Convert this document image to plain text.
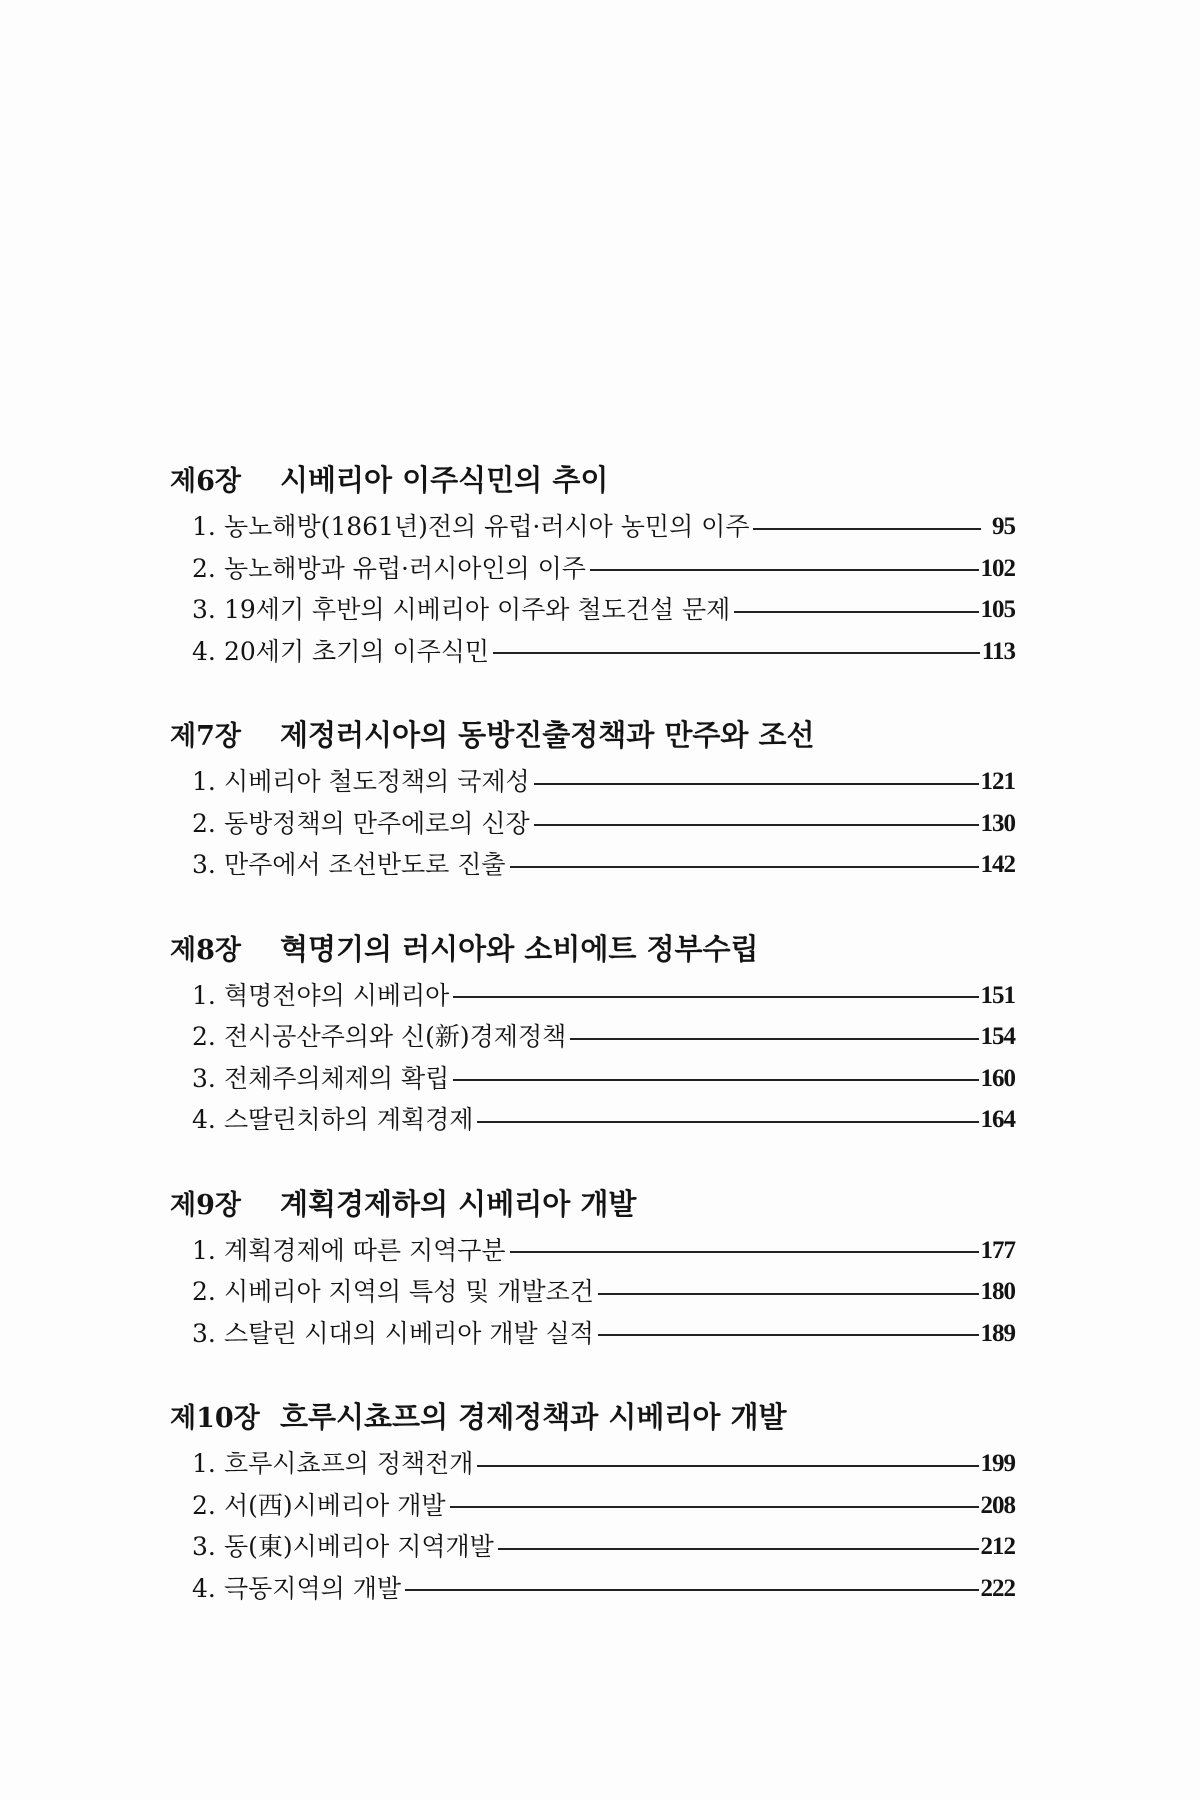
제6장	시베리아 이주식민의 추이
1. 농노해방(1861년)전의 유럽·러시아 농민의 이주	95
2. 농노해방과 유럽·러시아인의 이주	102
3. 19세기 후반의 시베리아 이주와 철도건설 문제	105
4. 20세기 초기의 이주식민	113
제7장	제정러시아의 동방진출정책과 만주와 조선
1. 시베리아 철도정책의 국제성	121
2. 동방정책의 만주에로의 신장	130
3. 만주에서 조선반도로 진출	142
제8장	혁명기의 러시아와 소비에트 정부수립
1. 혁명전야의 시베리아	151
2. 전시공산주의와 신(新)경제정책	154
3. 전체주의체제의 확립	160
4. 스딸린치하의 계획경제	164
제9장	계획경제하의 시베리아 개발
1. 계획경제에 따른 지역구분	177
2. 시베리아 지역의 특성 및 개발조건	180
3. 스탈린 시대의 시베리아 개발 실적	189
제10장 흐루시쵸프의 경제정책과 시베리아 개발
1. 흐루시쵸프의 정책전개	199
2. 서(西)시베리아 개발	208
3. 동(東)시베리아 지역개발	212
4. 극동지역의 개발	222
